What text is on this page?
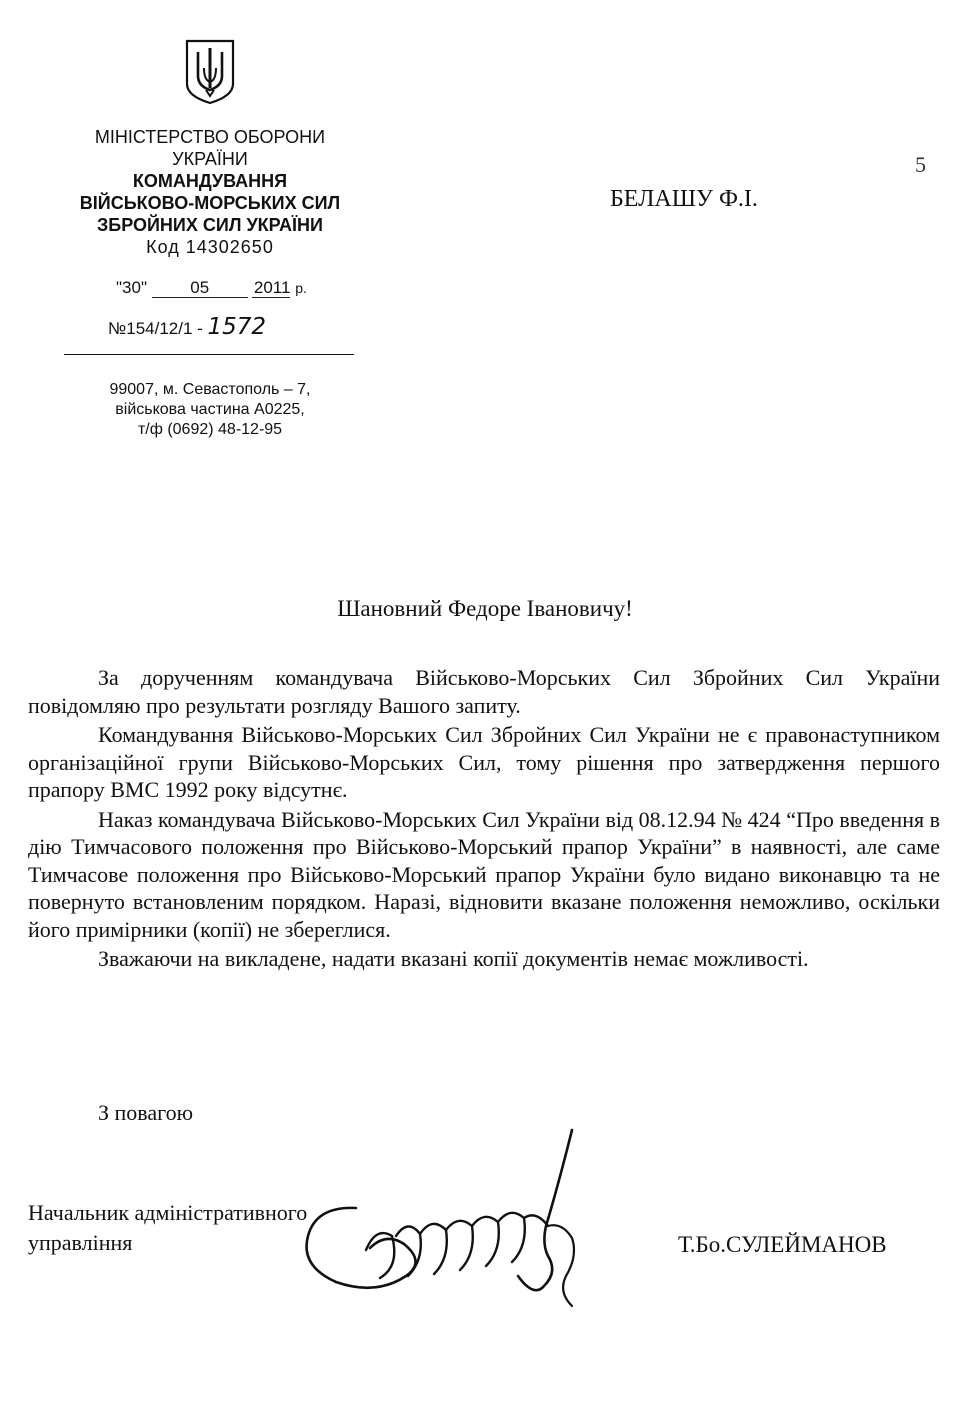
МІНІСТЕРСТВО ОБОРОНИ
УКРАЇНИ
КОМАНДУВАННЯ
ВІЙСЬКОВО-МОРСЬКИХ СИЛ
ЗБРОЙНИХ СИЛ УКРАЇНИ
Код 14302650
"30"	05	2011 р.
№154/12/1 - 1572
99007, м. Севастополь – 7,
військова частина А0225,
т/ф (0692) 48-12-95
5
БЕЛАШУ Ф.І.
Шановний Федоре Івановичу!
За дорученням командувача Військово-Морських Сил Збройних Сил України повідомляю про результати розгляду Вашого запиту.
Командування Військово-Морських Сил Збройних Сил України не є правонаступником організаційної групи Військово-Морських Сил, тому рішення про затвердження першого прапору ВМС 1992 року відсутнє.
Наказ командувача Військово-Морських Сил України від 08.12.94 № 424 “Про введення в дію Тимчасового положення про Військово-Морський прапор України” в наявності, але саме Тимчасове положення про Військово-Морський прапор України було видано виконавцю та не повернуто встановленим порядком. Наразі, відновити вказане положення неможливо, оскільки його примірники (копії) не збереглися.
Зважаючи на викладене, надати вказані копії документів немає можливості.
З повагою
Начальник адміністративного
управління	Т.Бо.СУЛЕЙМАНОВ
